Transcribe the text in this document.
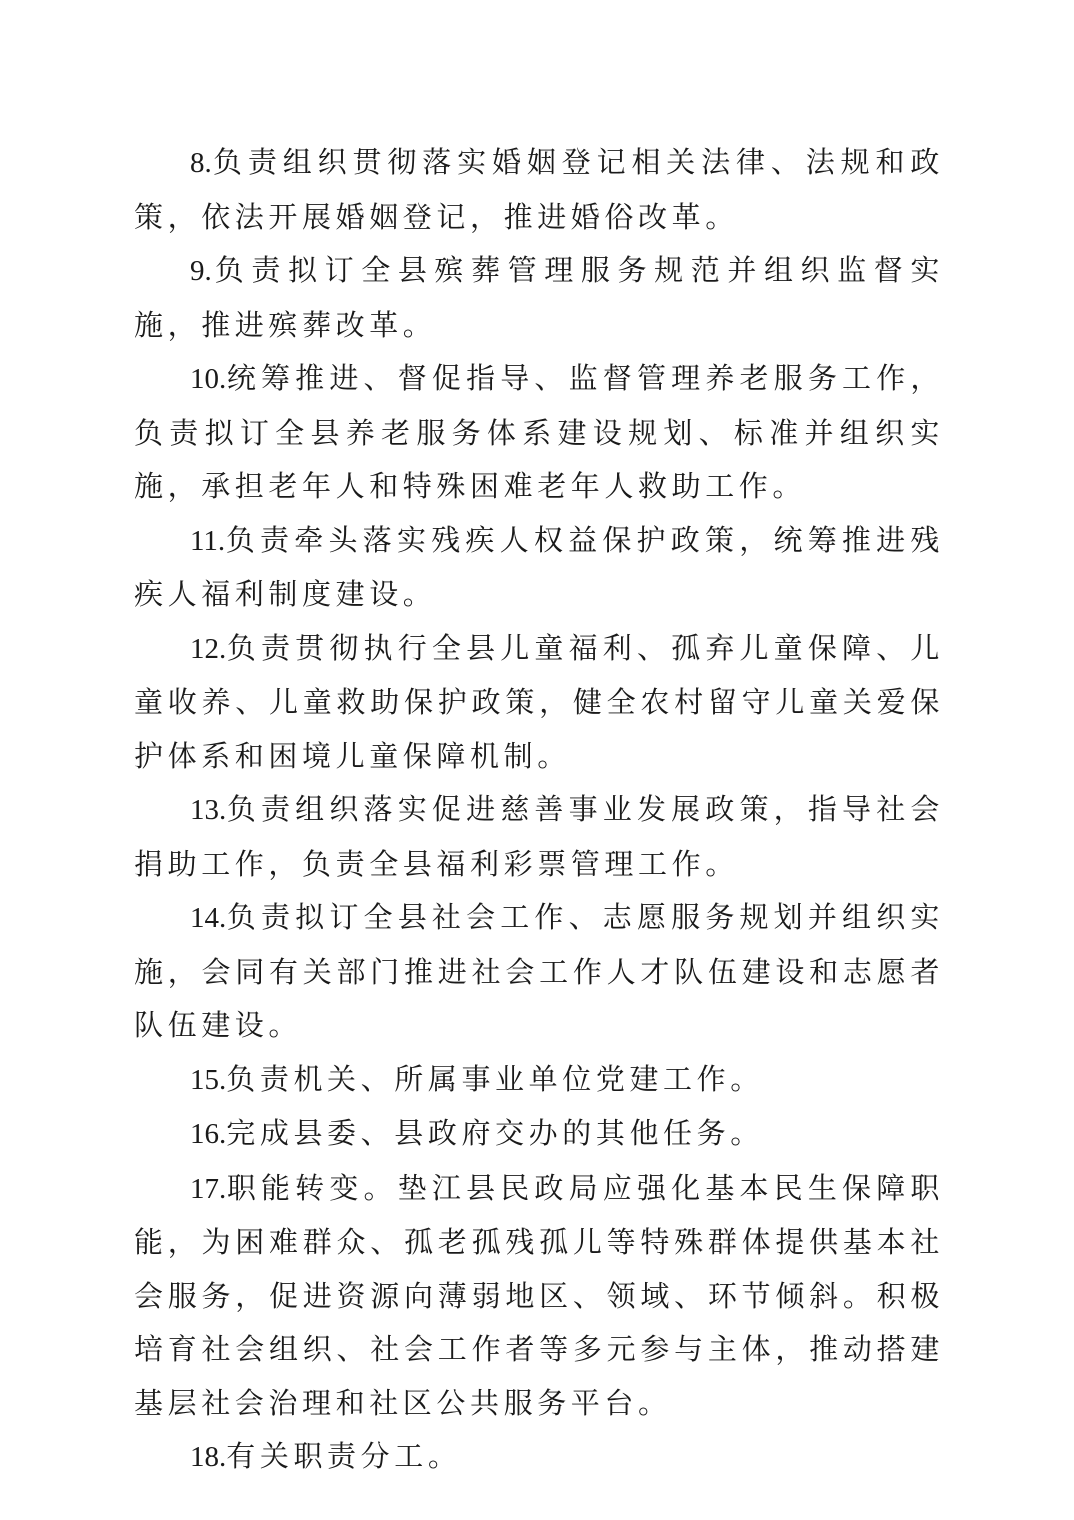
8.负责组织贯彻落实婚姻登记相关法律、法规和政策，依法开展婚姻登记，推进婚俗改革。

9.负责拟订全县殡葬管理服务规范并组织监督实施，推进殡葬改革。

10.统筹推进、督促指导、监督管理养老服务工作，负责拟订全县养老服务体系建设规划、标准并组织实施，承担老年人和特殊困难老年人救助工作。

11.负责牵头落实残疾人权益保护政策，统筹推进残疾人福利制度建设。

12.负责贯彻执行全县儿童福利、孤弃儿童保障、儿童收养、儿童救助保护政策，健全农村留守儿童关爱保护体系和困境儿童保障机制。

13.负责组织落实促进慈善事业发展政策，指导社会捐助工作，负责全县福利彩票管理工作。

14.负责拟订全县社会工作、志愿服务规划并组织实施，会同有关部门推进社会工作人才队伍建设和志愿者队伍建设。

15.负责机关、所属事业单位党建工作。

16.完成县委、县政府交办的其他任务。

17.职能转变。垫江县民政局应强化基本民生保障职能，为困难群众、孤老孤残孤儿等特殊群体提供基本社会服务，促进资源向薄弱地区、领域、环节倾斜。积极培育社会组织、社会工作者等多元参与主体，推动搭建基层社会治理和社区公共服务平台。

18.有关职责分工。
